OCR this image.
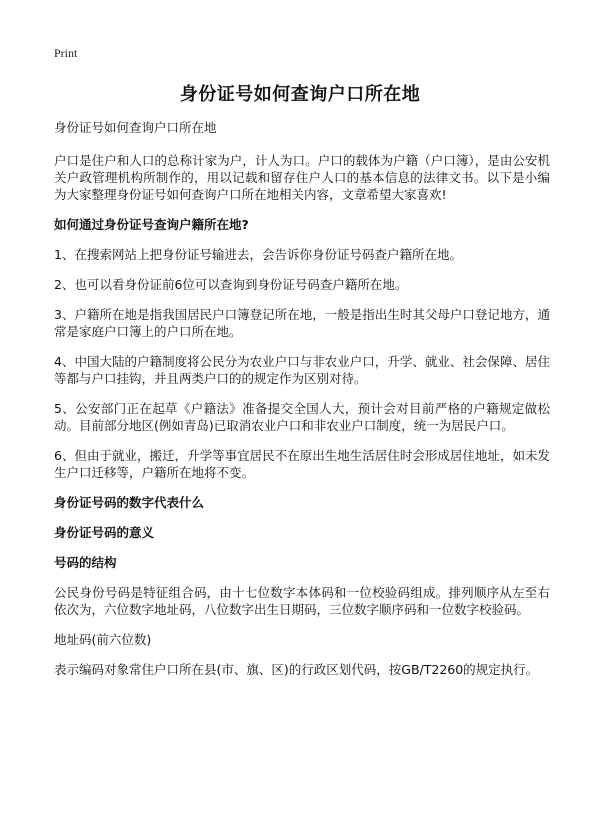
Print
身份证号如何查询户口所在地

身份证号如何查询户口所在地

户口是住户和人口的总称计家为户，计人为口。户口的载体为户籍（户口簿），是由公安机关户政管理机构所制作的，用以记载和留存住户人口的基本信息的法律文书。以下是小编为大家整理身份证号如何查询户口所在地相关内容，文章希望大家喜欢!

如何通过身份证号查询户籍所在地?

1、在搜索网站上把身份证号输进去，会告诉你身份证号码查户籍所在地。

2、也可以看身份证前6位可以查询到身份证号码查户籍所在地。

3、户籍所在地是指我国居民户口簿登记所在地，一般是指出生时其父母户口登记地方，通常是家庭户口簿上的户口所在地。

4、中国大陆的户籍制度将公民分为农业户口与非农业户口，升学、就业、社会保障、居住等都与户口挂钩，并且两类户口的的规定作为区别对待。

5、公安部门正在起草《户籍法》准备提交全国人大，预计会对目前严格的户籍规定做松动。目前部分地区(例如青岛)已取消农业户口和非农业户口制度，统一为居民户口。

6、但由于就业，搬迁，升学等事宜居民不在原出生地生活居住时会形成居住地址，如未发生户口迁移等，户籍所在地将不变。

身份证号码的数字代表什么
身份证号码的意义
号码的结构

公民身份号码是特征组合码，由十七位数字本体码和一位校验码组成。排列顺序从左至右依次为，六位数字地址码，八位数字出生日期码，三位数字顺序码和一位数字校验码。

地址码(前六位数)

表示编码对象常住户口所在县(市、旗、区)的行政区划代码，按GB/T2260的规定执行。
